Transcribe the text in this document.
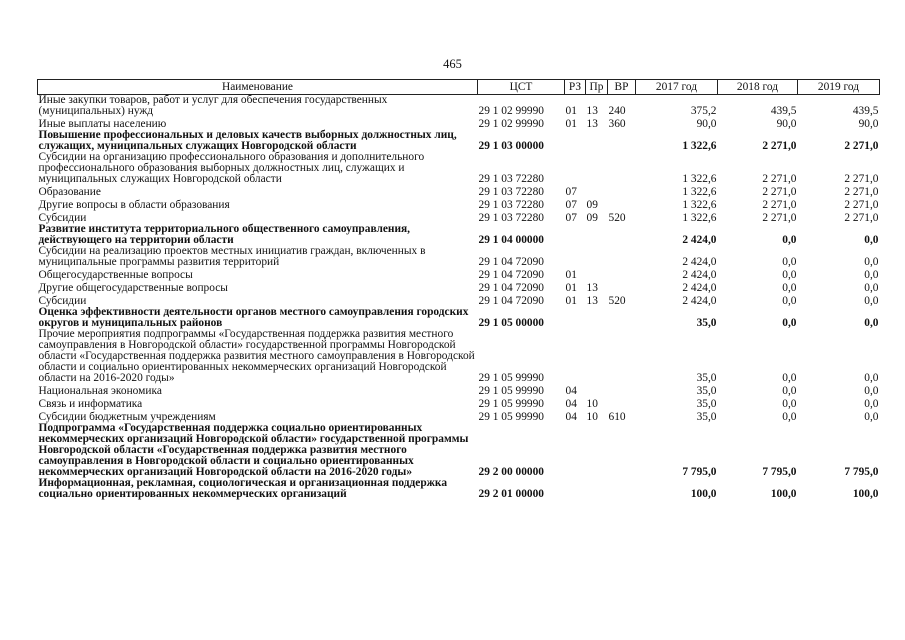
465
Наименование	ЦСТ	РЗ	Пр	ВР	2017 год	2018 год	2019 год
Иные закупки товаров, работ и услуг для обеспечения государственных (муниципальных) нужд	29 1 02 99990	01	13	240	375,2	439,5	439,5
Иные выплаты населению	29 1 02 99990	01	13	360	90,0	90,0	90,0
Повышение профессиональных и деловых качеств выборных должностных лиц, служащих, муниципальных служащих Новгородской области	29 1 03 00000				1 322,6	2 271,0	2 271,0
Субсидии на организацию профессионального образования и дополнительного профессионального образования выборных должностных лиц, служащих и муниципальных служащих Новгородской области	29 1 03 72280				1 322,6	2 271,0	2 271,0
Образование	29 1 03 72280	07			1 322,6	2 271,0	2 271,0
Другие вопросы в области образования	29 1 03 72280	07	09		1 322,6	2 271,0	2 271,0
Субсидии	29 1 03 72280	07	09	520	1 322,6	2 271,0	2 271,0
Развитие института территориального общественного самоуправления, действующего на территории области	29 1 04 00000				2 424,0	0,0	0,0
Субсидии на реализацию проектов местных инициатив граждан, включенных в муниципальные программы развития территорий	29 1 04 72090				2 424,0	0,0	0,0
Общегосударственные вопросы	29 1 04 72090	01			2 424,0	0,0	0,0
Другие общегосударственные вопросы	29 1 04 72090	01	13		2 424,0	0,0	0,0
Субсидии	29 1 04 72090	01	13	520	2 424,0	0,0	0,0
Оценка эффективности деятельности органов местного самоуправления городских округов и муниципальных районов	29 1 05 00000				35,0	0,0	0,0
Прочие мероприятия подпрограммы «Государственная поддержка развития местного самоуправления в Новгородской области» государственной программы Новгородской области «Государственная поддержка развития местного самоуправления в Новгородской области и социально ориентированных некоммерческих организаций Новгородской области на 2016-2020 годы»	29 1 05 99990				35,0	0,0	0,0
Национальная экономика	29 1 05 99990	04			35,0	0,0	0,0
Связь и информатика	29 1 05 99990	04	10		35,0	0,0	0,0
Субсидии бюджетным учреждениям	29 1 05 99990	04	10	610	35,0	0,0	0,0
Подпрограмма «Государственная поддержка социально ориентированных некоммерческих организаций Новгородской области» государственной программы Новгородской области «Государственная поддержка развития местного самоуправления в Новгородской области и социально ориентированных некоммерческих организаций Новгородской области на 2016-2020 годы»	29 2 00 00000				7 795,0	7 795,0	7 795,0
Информационная, рекламная, социологическая и организационная поддержка социально ориентированных некоммерческих организаций	29 2 01 00000				100,0	100,0	100,0
